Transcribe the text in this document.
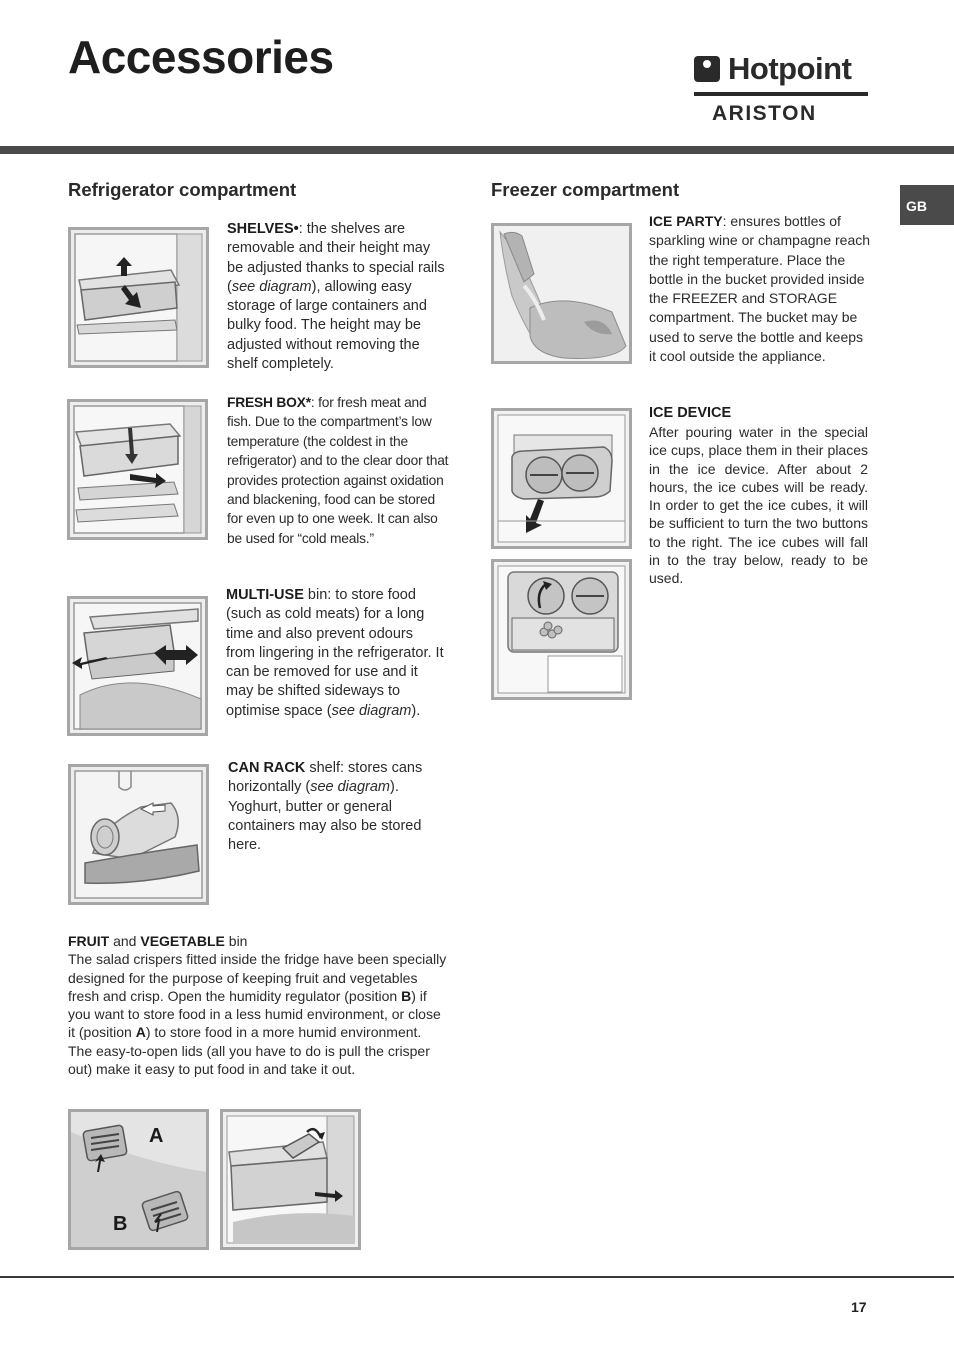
Accessories	Hotpoint
ARISTON
GB
Refrigerator compartment
SHELVES•: the shelves are removable and their height may be adjusted thanks to special rails (see diagram), allowing easy storage of large containers and bulky food. The height may be adjusted without removing the shelf completely.
FRESH BOX*: for fresh meat and fish. Due to the compartment’s low temperature (the coldest in the refrigerator) and to the clear door that provides protection against oxidation and blackening, food can be stored for even up to one week. It can also be used for “cold meals.”
MULTI-USE bin: to store food (such as cold meats) for a long time and also prevent odours from lingering in the refrigerator. It can be removed for use and it may be shifted sideways to optimise space (see diagram).
CAN RACK shelf: stores cans horizontally (see diagram). Yoghurt, butter or general containers may also be stored here.
FRUIT and VEGETABLE bin
The salad crispers fitted inside the fridge have been specially designed for the purpose of keeping fruit and vegetables fresh and crisp. Open the humidity regulator (position B) if you want to store food in a less humid environment, or close it (position A) to store food in a more humid environment.
The easy-to-open lids (all you have to do is pull the crisper out) make it easy to put food in and take it out.
A
B
Freezer compartment
ICE PARTY: ensures bottles of sparkling wine or champagne reach the right temperature. Place the bottle in the bucket provided inside the FREEZER and STORAGE compartment. The bucket may be used to serve the bottle and keeps it cool outside the appliance.
ICE DEVICE
After pouring water in the special ice cups, place them in their places in the ice device. After about 2 hours, the ice cubes will be ready. In order to get the ice cubes, it will be sufficient to turn the two buttons to the right. The ice cubes will fall in to the tray below, ready to be used.
17
